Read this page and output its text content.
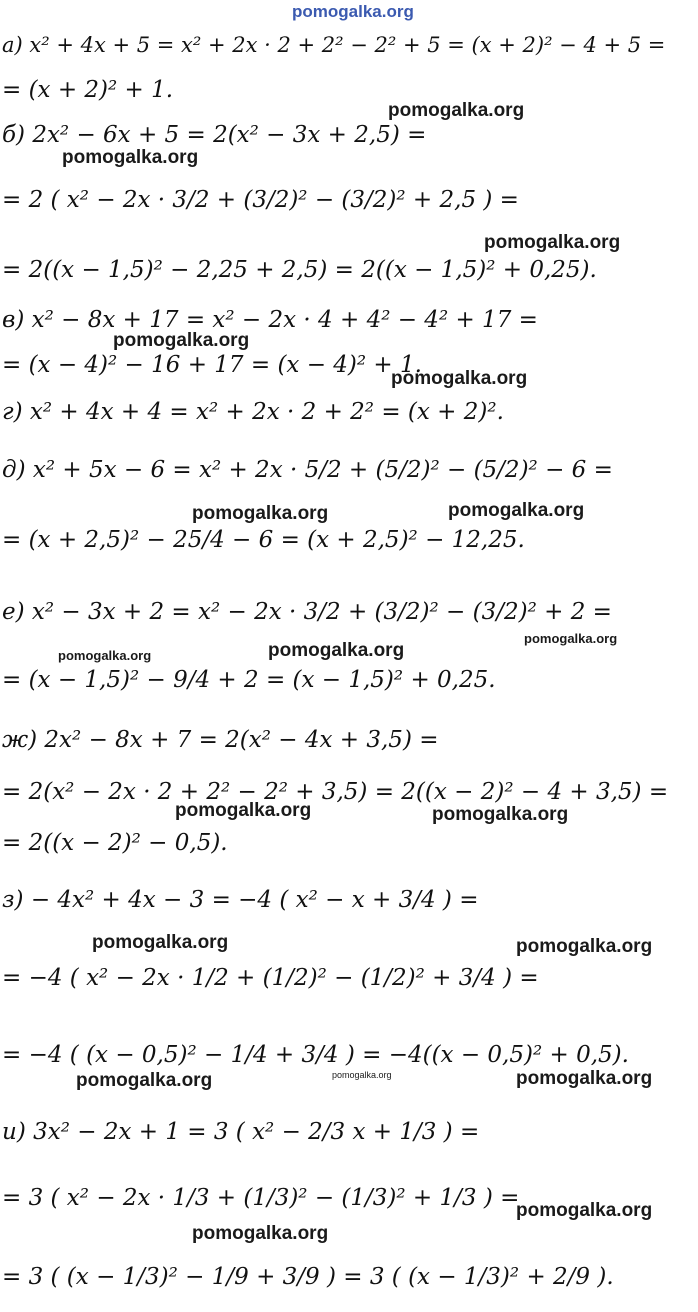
pomogalka.org
а) x² + 4x + 5 = x² + 2x · 2 + 2² − 2² + 5 = (x + 2)² − 4 + 5 =
= (x + 2)² + 1.
б) 2x² − 6x + 5 = 2(x² − 3x + 2,5) =
= 2 ( x² − 2x · 3/2 + (3/2)² − (3/2)² + 2,5 ) =
= 2((x − 1,5)² − 2,25 + 2,5) = 2((x − 1,5)² + 0,25).
в) x² − 8x + 17 = x² − 2x · 4 + 4² − 4² + 17 =
= (x − 4)² − 16 + 17 = (x − 4)² + 1.
г) x² + 4x + 4 = x² + 2x · 2 + 2² = (x + 2)².
д) x² + 5x − 6 = x² + 2x · 5/2 + (5/2)² − (5/2)² − 6 =
= (x + 2,5)² − 25/4 − 6 = (x + 2,5)² − 12,25.
е) x² − 3x + 2 = x² − 2x · 3/2 + (3/2)² − (3/2)² + 2 =
= (x − 1,5)² − 9/4 + 2 = (x − 1,5)² + 0,25.
ж) 2x² − 8x + 7 = 2(x² − 4x + 3,5) =
= 2(x² − 2x · 2 + 2² − 2² + 3,5) = 2((x − 2)² − 4 + 3,5) =
= 2((x − 2)² − 0,5).
з) − 4x² + 4x − 3 = −4 ( x² − x + 3/4 ) =
= −4 ( x² − 2x · 1/2 + (1/2)² − (1/2)² + 3/4 ) =
= −4 ( (x − 0,5)² − 1/4 + 3/4 ) = −4((x − 0,5)² + 0,5).
и) 3x² − 2x + 1 = 3 ( x² − 2/3 x + 1/3 ) =
= 3 ( x² − 2x · 1/3 + (1/3)² − (1/3)² + 1/3 ) =
= 3 ( (x − 1/3)² − 1/9 + 3/9 ) = 3 ( (x − 1/3)² + 2/9 ).
pomogalka.org
pomogalka.org
pomogalka.org
pomogalka.org
pomogalka.org
pomogalka.org	pomogalka.org
pomogalka.org	pomogalka.org
pomogalka.org
pomogalka.org	pomogalka.org
pomogalka.org	pomogalka.org
pomogalka.org	pomogalka.org	pomogalka.org
pomogalka.org
pomogalka.org
